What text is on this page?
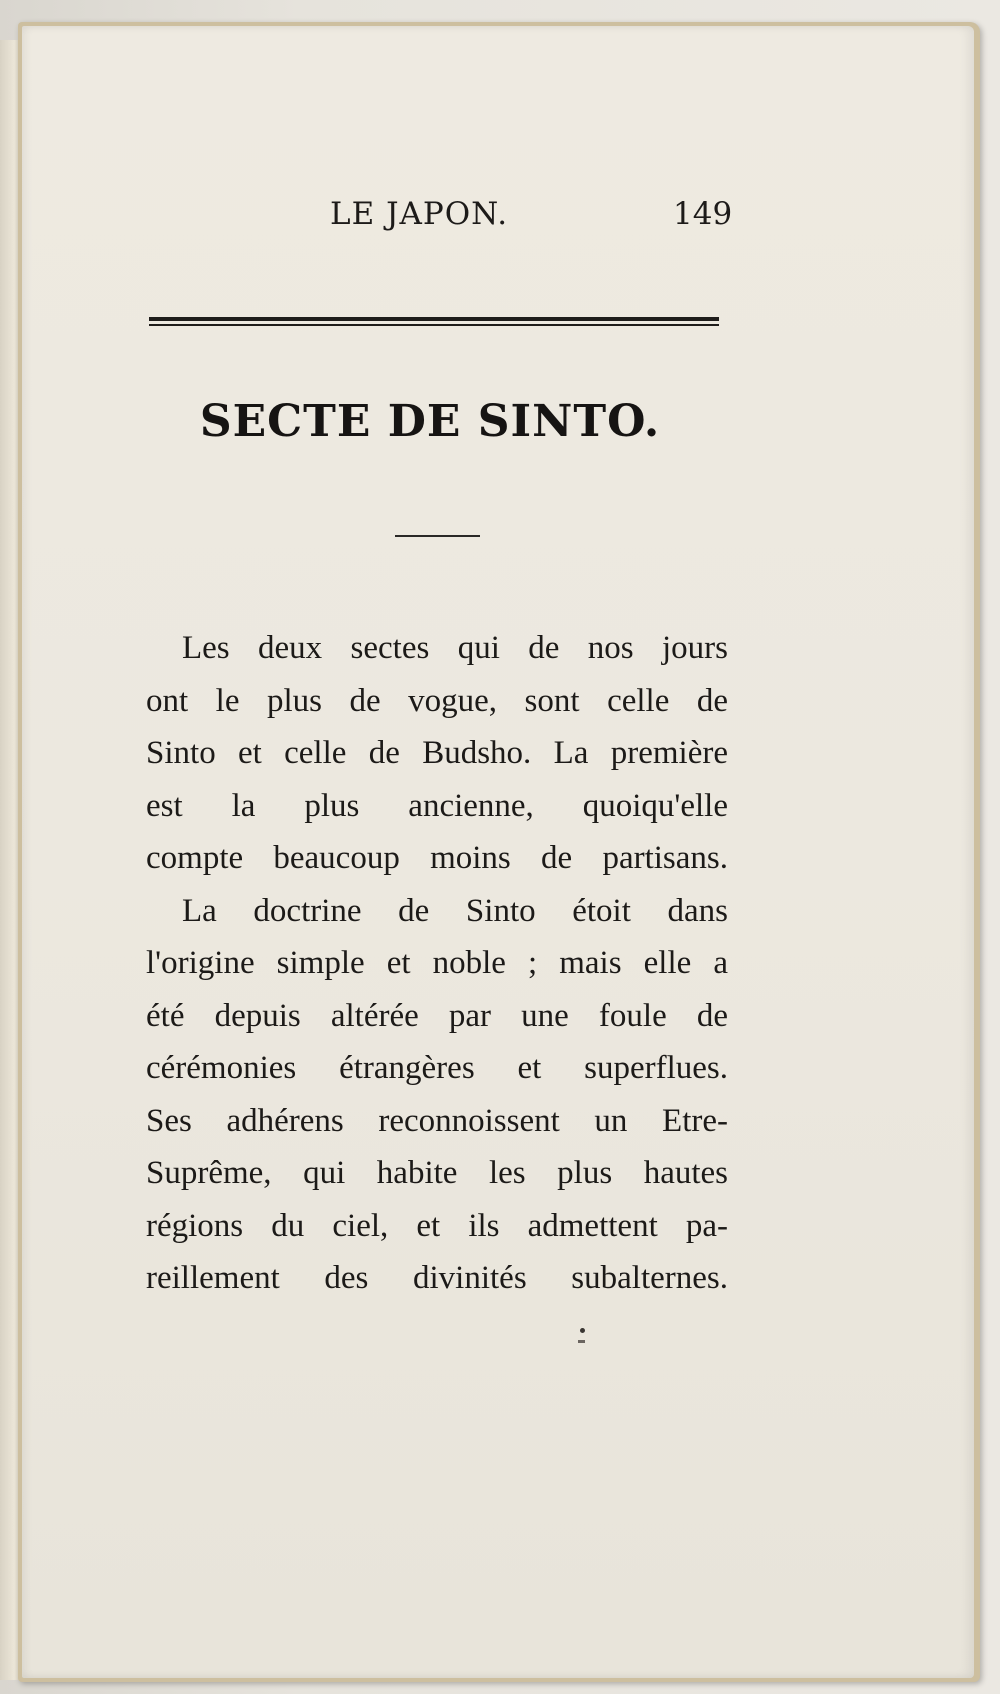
LE JAPON.	149
SECTE DE SINTO.
Les deux sectes qui de nos jours
ont le plus de vogue, sont celle de
Sinto et celle de Budsho. La première
est la plus ancienne, quoiqu'elle
compte beaucoup moins de partisans.
La doctrine de Sinto étoit dans
l'origine simple et noble ; mais elle a
été depuis altérée par une foule de
cérémonies étrangères et superflues.
Ses adhérens reconnoissent un Etre-
Suprême, qui habite les plus hautes
régions du ciel, et ils admettent pa-
reillement des divinités subalternes.
